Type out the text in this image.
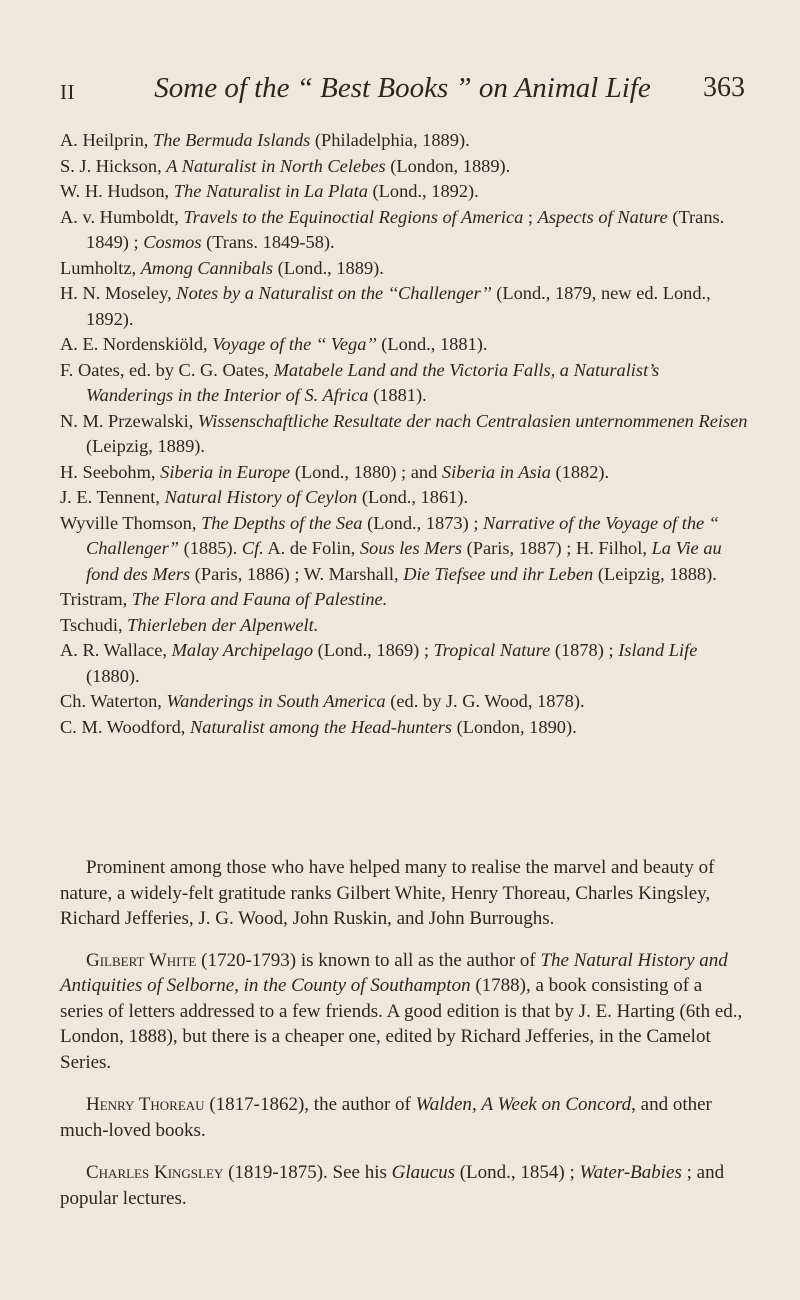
II	Some of the “ Best Books ” on Animal Life	363

A. Heilprin, The Bermuda Islands (Philadelphia, 1889).

S. J. Hickson, A Naturalist in North Celebes (London, 1889).

W. H. Hudson, The Naturalist in La Plata (Lond., 1892).

A. v. Humboldt, Travels to the Equinoctial Regions of America ; Aspects of Nature (Trans. 1849) ; Cosmos (Trans. 1849-58).

Lumholtz, Among Cannibals (Lond., 1889).

H. N. Moseley, Notes by a Naturalist on the ‘‘Challenger’’ (Lond., 1879, new ed. Lond., 1892).

A. E. Nordenskiöld, Voyage of the ‘‘ Vega’’ (Lond., 1881).

F. Oates, ed. by C. G. Oates, Matabele Land and the Victoria Falls, a Naturalist’s Wanderings in the Interior of S. Africa (1881).

N. M. Przewalski, Wissenschaftliche Resultate der nach Centralasien unternommenen Reisen (Leipzig, 1889).

H. Seebohm, Siberia in Europe (Lond., 1880) ; and Siberia in Asia (1882).

J. E. Tennent, Natural History of Ceylon (Lond., 1861).

Wyville Thomson, The Depths of the Sea (Lond., 1873) ; Narrative of the Voyage of the “ Challenger” (1885). Cf. A. de Folin, Sous les Mers (Paris, 1887) ; H. Filhol, La Vie au fond des Mers (Paris, 1886) ; W. Marshall, Die Tiefsee und ihr Leben (Leipzig, 1888).

Tristram, The Flora and Fauna of Palestine.

Tschudi, Thierleben der Alpenwelt.

A. R. Wallace, Malay Archipelago (Lond., 1869) ; Tropical Nature (1878) ; Island Life (1880).

Ch. Waterton, Wanderings in South America (ed. by J. G. Wood, 1878).

C. M. Woodford, Naturalist among the Head-hunters (London, 1890).

Prominent among those who have helped many to realise the marvel and beauty of nature, a widely-felt gratitude ranks Gilbert White, Henry Thoreau, Charles Kingsley, Richard Jefferies, J. G. Wood, John Ruskin, and John Burroughs.

Gilbert White (1720-1793) is known to all as the author of The Natural History and Antiquities of Selborne, in the County of Southampton (1788), a book consisting of a series of letters addressed to a few friends. A good edition is that by J. E. Harting (6th ed., London, 1888), but there is a cheaper one, edited by Richard Jefferies, in the Camelot Series.

Henry Thoreau (1817-1862), the author of Walden, A Week on Concord, and other much-loved books.

Charles Kingsley (1819-1875). See his Glaucus (Lond., 1854) ; Water-Babies ; and popular lectures.
